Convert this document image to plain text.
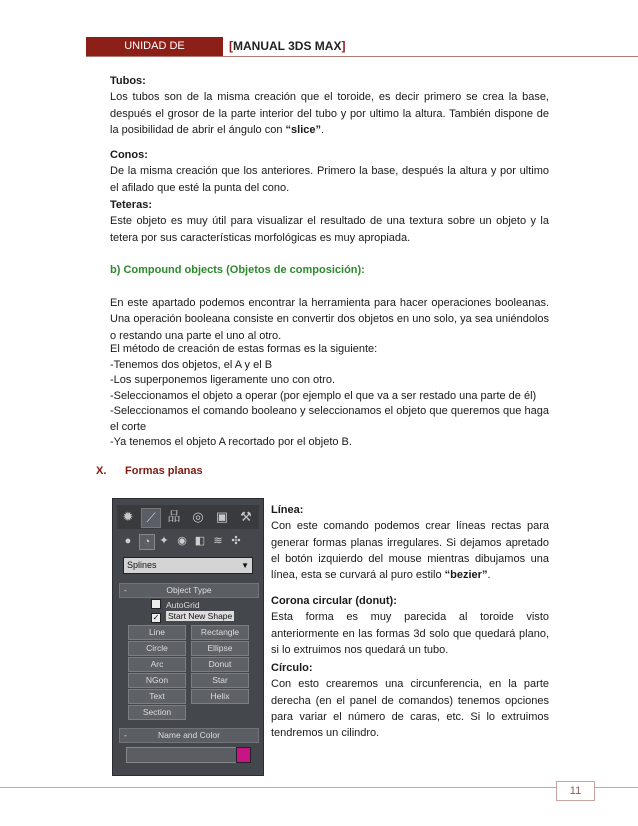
UNIDAD DE VINCULACION
[MANUAL 3DS MAX]
Tubos:

Los tubos son de la misma creación que el toroide, es decir primero se crea la base, después el grosor de la parte interior del tubo y por ultimo la altura. También dispone de la posibilidad de abrir el ángulo con “slice”.

Conos:

De la misma creación que los anteriores. Primero la base, después la altura y por ultimo el afilado que esté la punta del cono.

Teteras:

Este objeto es muy útil para visualizar el resultado de una textura sobre un objeto y la tetera por sus características morfológicas es muy apropiada.

b) Compound objects (Objetos de composición):
En este apartado podemos encontrar la herramienta para hacer operaciones booleanas. Una operación booleana consiste en convertir dos objetos en uno solo, ya sea uniéndolos o restando una parte el uno al otro.
El método de creación de estas formas es la siguiente:
-Tenemos dos objetos, el A y el B
-Los superponemos ligeramente uno con otro.
-Seleccionamos el objeto a operar (por ejemplo el que va a ser restado una parte de él)
-Seleccionamos el comando booleano y seleccionamos el objeto que queremos que haga el corte
-Ya tenemos el objeto A recortado por el objeto B.
X. Formas planas
✹ ⟋ 品 ◎ ▣ ⚒
●	◔ ✦ ◉ ◧ ≋ ✣
Splines	▼
-	Object Type
AutoGrid
✓ Start New Shape
Line	Rectangle
Circle	Ellipse
Arc	Donut
NGon	Star
Text	Helix
Section
-	Name and Color
Línea:

Con este comando podemos crear líneas rectas para generar formas planas irregulares. Si dejamos apretado el botón izquierdo del mouse mientras dibujamos una línea, esta se curvará al puro estilo “bezier”.

Corona circular (donut):

Esta forma es muy parecida al toroide visto anteriormente en las formas 3d solo que quedará plano, si lo extruimos nos quedará un tubo.

Círculo:

Con esto crearemos una circunferencia, en la parte derecha (en el panel de comandos) tenemos opciones para variar el número de caras, etc. Si lo extruimos tendremos un cilindro.

11
